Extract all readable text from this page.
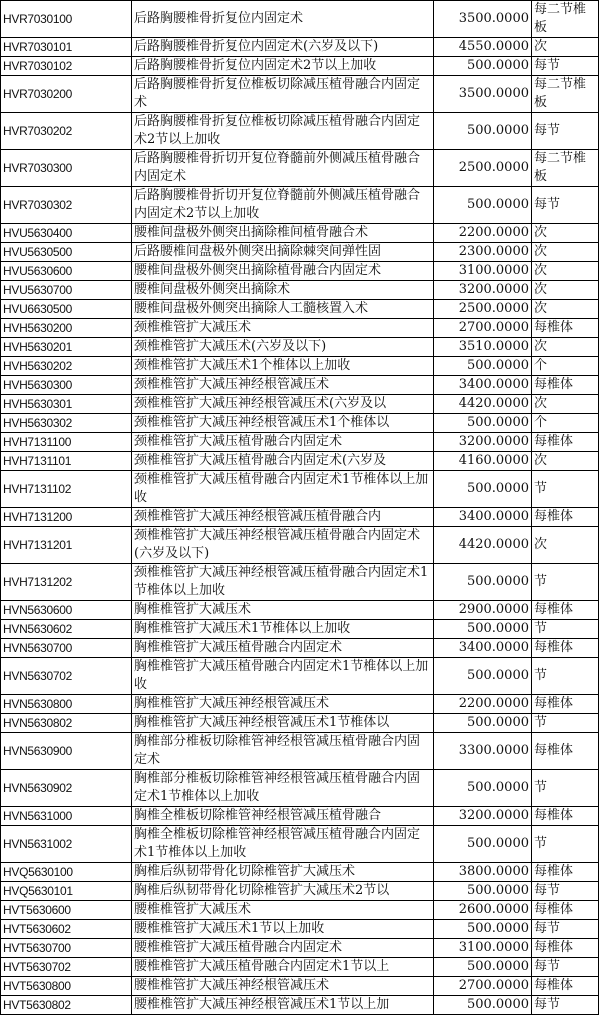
HVR7030100	后路胸腰椎骨折复位内固定术	3500.0000	每二节椎板
HVR7030101	后路胸腰椎骨折复位内固定术(六岁及以下)	4550.0000	次
HVR7030102	后路胸腰椎骨折复位内固定术2节以上加收	500.0000	每节
HVR7030200	后路胸腰椎骨折复位椎板切除减压植骨融合内固定术	3500.0000	每二节椎板
HVR7030202	后路胸腰椎骨折复位椎板切除减压植骨融合内固定术2节以上加收	500.0000	每节
HVR7030300	后路胸腰椎骨折切开复位脊髓前外侧减压植骨融合内固定术	2500.0000	每二节椎板
HVR7030302	后路胸腰椎骨折切开复位脊髓前外侧减压植骨融合内固定术2节以上加收	500.0000	每节
HVU5630400	腰椎间盘极外侧突出摘除椎间植骨融合术	2200.0000	次
HVU5630500	后路腰椎间盘极外侧突出摘除棘突间弹性固	2300.0000	次
HVU5630600	腰椎间盘极外侧突出摘除植骨融合内固定术	3100.0000	次
HVU5630700	腰椎间盘极外侧突出摘除术	3200.0000	次
HVU6630500	腰椎间盘极外侧突出摘除人工髓核置入术	2500.0000	次
HVH5630200	颈椎椎管扩大减压术	2700.0000	每椎体
HVH5630201	颈椎椎管扩大减压术(六岁及以下)	3510.0000	次
HVH5630202	颈椎椎管扩大减压术1个椎体以上加收	500.0000	个
HVH5630300	颈椎椎管扩大减压神经根管减压术	3400.0000	每椎体
HVH5630301	颈椎椎管扩大减压神经根管减压术(六岁及以	4420.0000	次
HVH5630302	颈椎椎管扩大减压神经根管减压术1个椎体以	500.0000	个
HVH7131100	颈椎椎管扩大减压植骨融合内固定术	3200.0000	每椎体
HVH7131101	颈椎椎管扩大减压植骨融合内固定术(六岁及	4160.0000	次
HVH7131102	颈椎椎管扩大减压植骨融合内固定术1节椎体以上加收	500.0000	节
HVH7131200	颈椎椎管扩大减压神经根管减压植骨融合内	3400.0000	每椎体
HVH7131201	颈椎椎管扩大减压神经根管减压植骨融合内固定术(六岁及以下)	4420.0000	次
HVH7131202	颈椎椎管扩大减压神经根管减压植骨融合内固定术1节椎体以上加收	500.0000	节
HVN5630600	胸椎椎管扩大减压术	2900.0000	每椎体
HVN5630602	胸椎椎管扩大减压术1节椎体以上加收	500.0000	节
HVN5630700	胸椎椎管扩大减压植骨融合内固定术	3400.0000	每椎体
HVN5630702	胸椎椎管扩大减压植骨融合内固定术1节椎体以上加收	500.0000	节
HVN5630800	胸椎椎管扩大减压神经根管减压术	2200.0000	每椎体
HVN5630802	胸椎椎管扩大减压神经根管减压术1节椎体以	500.0000	节
HVN5630900	胸椎部分椎板切除椎管神经根管减压植骨融合内固定术	3300.0000	每椎体
HVN5630902	胸椎部分椎板切除椎管神经根管减压植骨融合内固定术1节椎体以上加收	500.0000	节
HVN5631000	胸椎全椎板切除椎管神经根管减压植骨融合	3200.0000	每椎体
HVN5631002	胸椎全椎板切除椎管神经根管减压植骨融合内固定术1节椎体以上加收	500.0000	节
HVQ5630100	胸椎后纵韧带骨化切除椎管扩大减压术	3800.0000	每椎体
HVQ5630101	胸椎后纵韧带骨化切除椎管扩大减压术2节以	500.0000	每节
HVT5630600	腰椎椎管扩大减压术	2600.0000	每椎体
HVT5630602	腰椎椎管扩大减压术1节以上加收	500.0000	每节
HVT5630700	腰椎椎管扩大减压植骨融合内固定术	3100.0000	每椎体
HVT5630702	腰椎椎管扩大减压植骨融合内固定术1节以上	500.0000	每节
HVT5630800	腰椎椎管扩大减压神经根管减压术	2700.0000	每椎体
HVT5630802	腰椎椎管扩大减压神经根管减压术1节以上加	500.0000	每节
